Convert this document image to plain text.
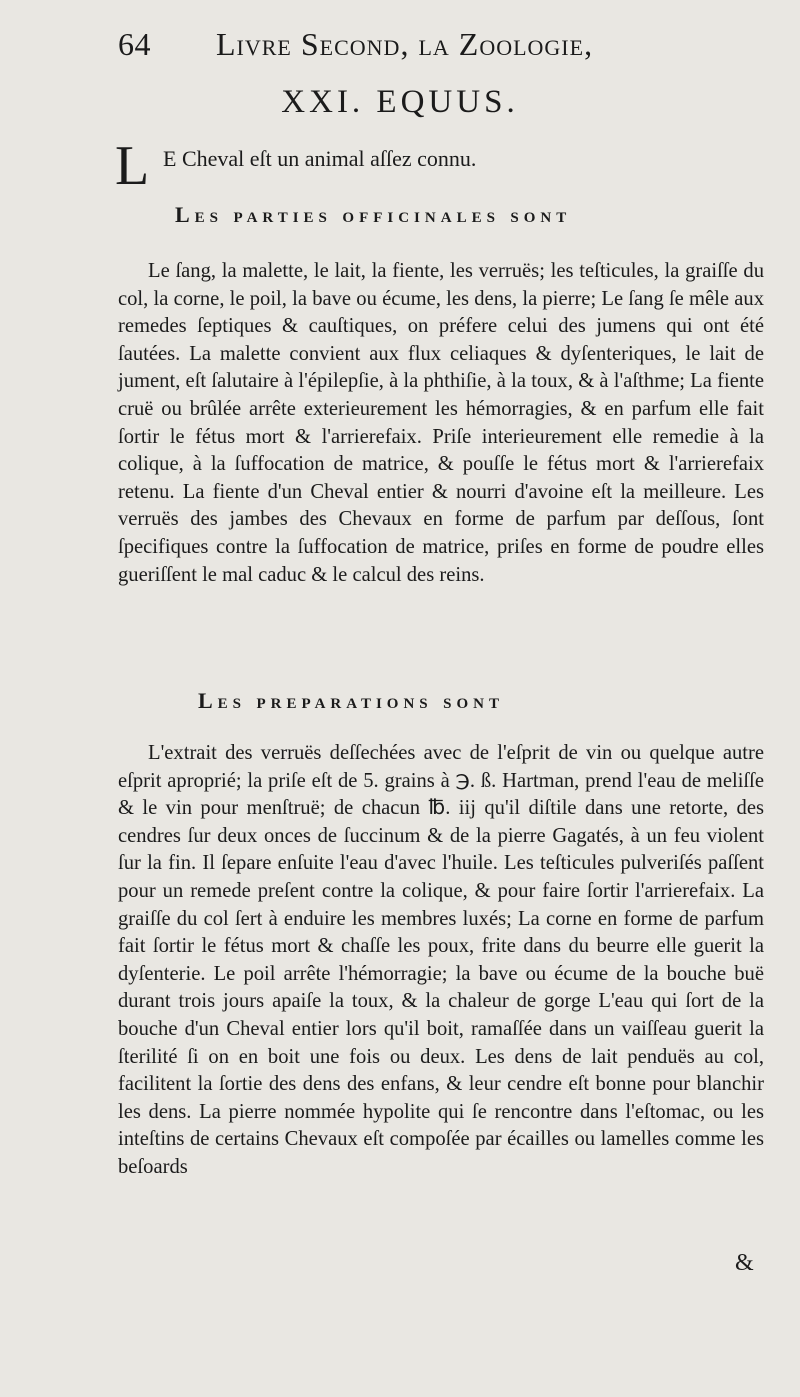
64 Livre Second, la Zoologie,
XXI. EQUUS.
L E Cheval eſt un animal aſſez connu.
Les parties officinales sont
Le ſang, la malette, le lait, la fiente, les verruës; les teſticules, la graiſſe du col, la corne, le poil, la bave ou écume, les dens, la pierre; Le ſang ſe mêle aux remedes ſeptiques & cauſtiques, on préfere celui des jumens qui ont été ſautées. La malette convient aux flux celiaques & dyſenteriques, le lait de jument, eſt ſalutaire à l'épilepſie, à la phthiſie, à la toux, & à l'aſthme; La fiente cruë ou brûlée arrête exterieurement les hémorragies, & en parfum elle fait ſortir le fétus mort & l'arrierefaix. Priſe interieurement elle remedie à la colique, à la ſuffocation de matrice, & pouſſe le fétus mort & l'arrierefaix retenu. La fiente d'un Cheval entier & nourri d'avoine eſt la meilleure. Les verruës des jambes des Chevaux en forme de parfum par deſſous, ſont ſpecifiques contre la ſuffocation de matrice, priſes en forme de poudre elles gueriſſent le mal caduc & le calcul des reins.
Les preparations sont
L'extrait des verruës deſſechées avec de l'eſprit de vin ou quelque autre eſprit aproprié; la priſe eſt de 5. grains à ℈. ß. Hartman, prend l'eau de meliſſe & le vin pour menſtruë; de chacun ℔. iij qu'il diſtile dans une retorte, des cendres ſur deux onces de ſuccinum & de la pierre Gagatés, à un feu violent ſur la fin. Il ſepare enſuite l'eau d'avec l'huile. Les teſticules pulveriſés paſſent pour un remede preſent contre la colique, & pour faire ſortir l'arrierefaix. La graiſſe du col ſert à enduire les membres luxés; La corne en forme de parfum fait ſortir le fétus mort & chaſſe les poux, frite dans du beurre elle guerit la dyſenterie. Le poil arrête l'hémorragie; la bave ou écume de la bouche buë durant trois jours apaiſe la toux, & la chaleur de gorge L'eau qui ſort de la bouche d'un Cheval entier lors qu'il boit, ramaſſée dans un vaiſſeau guerit la ſterilité ſi on en boit une fois ou deux. Les dens de lait penduës au col, facilitent la ſortie des dens des enfans, & leur cendre eſt bonne pour blanchir les dens. La pierre nommée hypolite qui ſe rencontre dans l'eſtomac, ou les inteſtins de certains Chevaux eſt compoſée par écailles ou lamelles comme les beſoards
&
